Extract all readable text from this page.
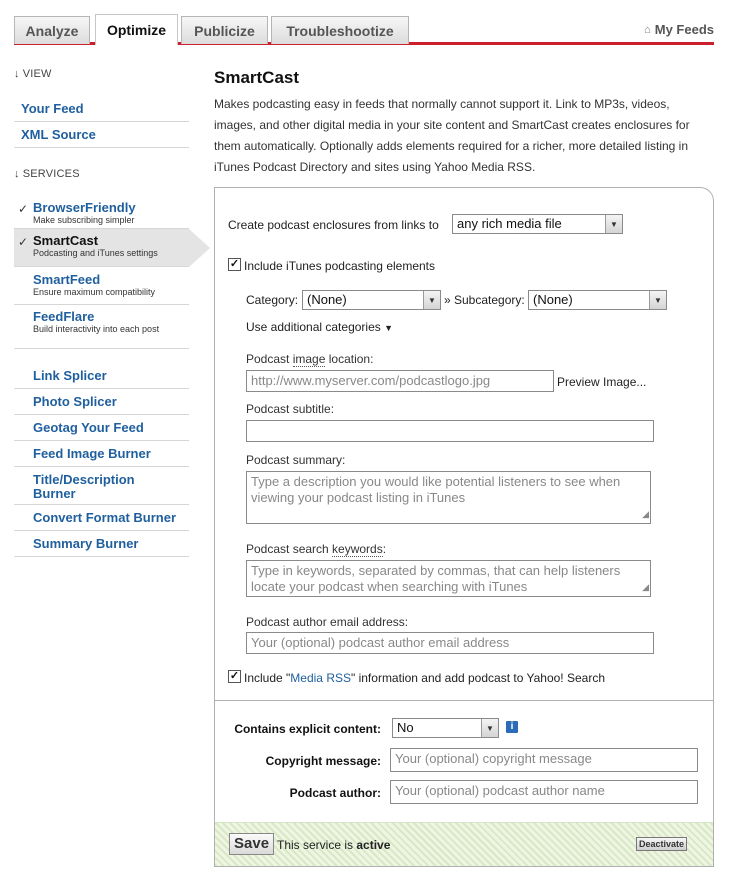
Analyze	Optimize	Publicize	Troubleshootize	⌂ My Feeds
↓ VIEW
Your Feed
XML Source
↓ SERVICES
✓ BrowserFriendly
Make subscribing simpler
✓ SmartCast
Podcasting and iTunes settings
SmartFeed
Ensure maximum compatibility
FeedFlare
Build interactivity into each post
Link Splicer
Photo Splicer
Geotag Your Feed
Feed Image Burner
Title/Description Burner
Convert Format Burner
Summary Burner
SmartCast

Makes podcasting easy in feeds that normally cannot support it. Link to MP3s, videos, images, and other digital media in your site content and SmartCast creates enclosures for them automatically. Optionally adds elements required for a richer, more detailed listing in iTunes Podcast Directory and sites using Yahoo Media RSS.

Create podcast enclosures from links to	any rich media file	▼
✓ Include iTunes podcasting elements
Category: (None)	▼ » Subcategory: (None)	▼
Use additional categories ▼
Podcast image location:
http://www.myserver.com/podcastlogo.jpg	Preview Image...
Podcast subtitle:
Podcast summary:
Type a description you would like potential listeners to see when viewing your podcast listing in iTunes
◢
Podcast search keywords:
Type in keywords, separated by commas, that can help listeners locate your podcast when searching with iTunes	◢
Podcast author email address:
Your (optional) podcast author email address
✓ Include "Media RSS" information and add podcast to Yahoo! Search
Contains explicit content:	No	▼	i
Copyright message:	Your (optional) copyright message
Podcast author:	Your (optional) podcast author name
Save This service is active	Deactivate
